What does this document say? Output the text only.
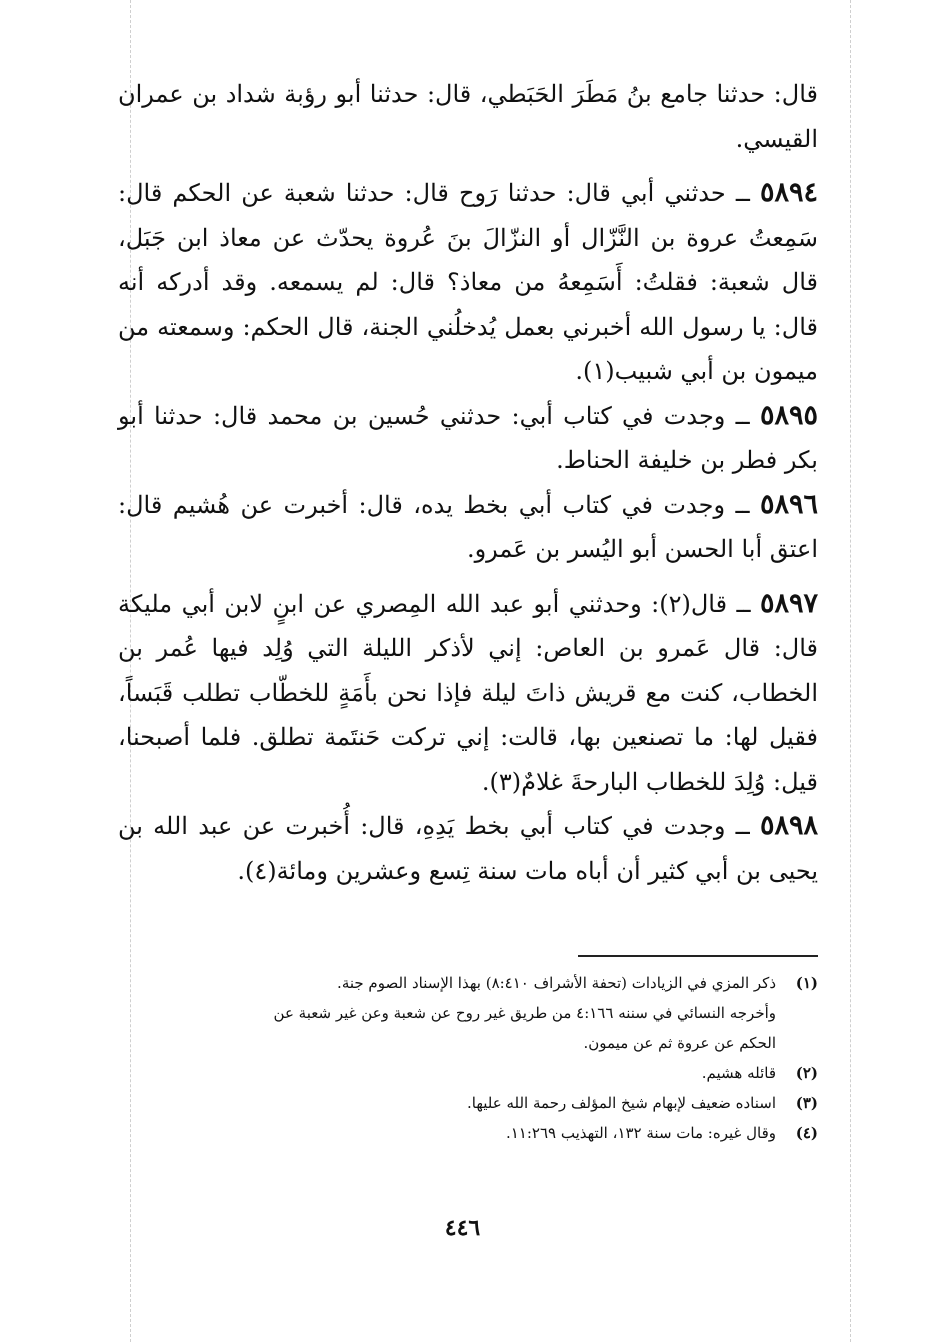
قال: حدثنا جامع بنُ مَطَرَ الحَبَطي، قال: حدثنا أبو رؤبة شداد بن عمران القيسي.

٥٨٩٤ ــ حدثني أبي قال: حدثنا رَوح قال: حدثنا شعبة عن الحكم قال: سَمِعتُ عروة بن النَّزّال أو النزّالَ بنَ عُروة يحدّث عن معاذ ابن جَبَل، قال شعبة: فقلتُ: أَسَمِعهُ من معاذ؟ قال: لم يسمعه. وقد أدركه أنه قال: يا رسول الله أخبرني بعمل يُدخلُني الجنة، قال الحكم: وسمعته من ميمون بن أبي شبيب(١).

٥٨٩٥ ــ وجدت في كتاب أبي: حدثني حُسين بن محمد قال: حدثنا أبو بكر فطر بن خليفة الحناط.

٥٨٩٦ ــ وجدت في كتاب أبي بخط يده، قال: أخبرت عن هُشيم قال: اعتق أبا الحسن أبو اليُسر بن عَمرو.

٥٨٩٧ ــ قال(٢): وحدثني أبو عبد الله المِصري عن ابنٍ لابن أبي مليكة قال: قال عَمرو بن العاص: إني لأذكر الليلة التي وُلِد فيها عُمر بن الخطاب، كنت مع قريش ذاتَ ليلة فإذا نحن بأَمَةٍ للخطّاب تطلب قَبَساً، فقيل لها: ما تصنعين بها، قالت: إني تركت حَنتَمة تطلق. فلما أصبحنا، قيل: وُلِدَ للخطاب البارحةَ غلامٌ(٣).

٥٨٩٨ ــ وجدت في كتاب أبي بخط يَدِهِ، قال: أُخبرت عن عبد الله بن يحيى بن أبي كثير أن أباه مات سنة تِسع وعشرين ومائة(٤).

(١)ذكر المزي في الزيادات (تحفة الأشراف ٨:٤١٠) بهذا الإسناد الصوم جنة.

وأخرجه النسائي في سننه ٤:١٦٦ من طريق غير روح عن شعبة وعن غير شعبة عن

الحكم عن عروة ثم عن ميمون.

(٢)قائله هشيم.

(٣)اسناده ضعيف لإبهام شيخ المؤلف رحمة الله عليها.

(٤)وقال غيره: مات سنة ١٣٢، التهذيب ١١:٢٦٩.

٤٤٦
